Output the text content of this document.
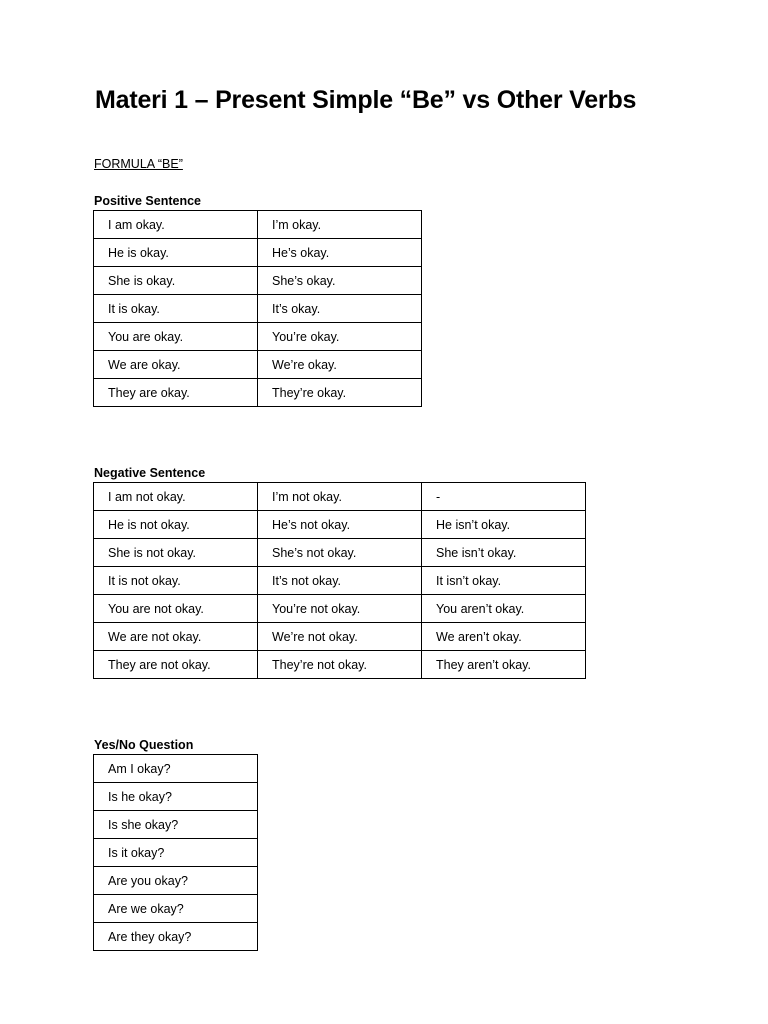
Materi 1 – Present Simple “Be” vs Other Verbs

FORMULA “BE”

Positive Sentence

I am okay.	I’m okay.
He is okay.	He’s okay.
She is okay.	She’s okay.
It is okay.	It’s okay.
You are okay.	You’re okay.
We are okay.	We’re okay.
They are okay.	They’re okay.

Negative Sentence

I am not okay.	I’m not okay.	-
He is not okay.	He’s not okay.	He isn’t okay.
She is not okay.	She’s not okay.	She isn’t okay.
It is not okay.	It’s not okay.	It isn’t okay.
You are not okay.	You’re not okay.	You aren’t okay.
We are not okay.	We’re not okay.	We aren’t okay.
They are not okay.	They’re not okay.	They aren’t okay.

Yes/No Question

Am I okay?
Is he okay?
Is she okay?
Is it okay?
Are you okay?
Are we okay?
Are they okay?
